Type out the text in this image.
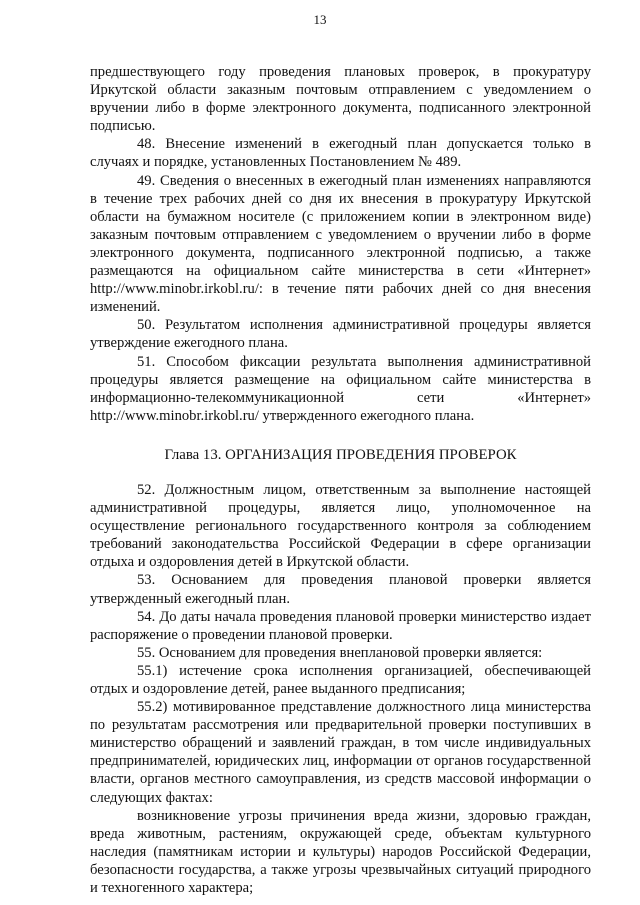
13

предшествующего году проведения плановых проверок, в прокуратуру Иркутской области заказным почтовым отправлением с уведомлением о вручении либо в форме электронного документа, подписанного электронной подписью.

48. Внесение изменений в ежегодный план допускается только в случаях и порядке, установленных Постановлением № 489.

49. Сведения о внесенных в ежегодный план изменениях направляются в течение трех рабочих дней со дня их внесения в прокуратуру Иркутской области на бумажном носителе (с приложением копии в электронном виде) заказным почтовым отправлением с уведомлением о вручении либо в форме электронного документа, подписанного электронной подписью, а также размещаются на официальном сайте министерства в сети «Интернет» http://www.minobr.irkobl.ru/: в течение пяти рабочих дней со дня внесения изменений.

50. Результатом исполнения административной процедуры является утверждение ежегодного плана.

51. Способом фиксации результата выполнения административной процедуры является размещение на официальном сайте министерства в информационно-телекоммуникационной сети «Интернет» http://www.minobr.irkobl.ru/ утвержденного ежегодного плана.

Глава 13. ОРГАНИЗАЦИЯ ПРОВЕДЕНИЯ ПРОВЕРОК

52. Должностным лицом, ответственным за выполнение настоящей административной процедуры, является лицо, уполномоченное на осуществление регионального государственного контроля за соблюдением требований законодательства Российской Федерации в сфере организации отдыха и оздоровления детей в Иркутской области.

53. Основанием для проведения плановой проверки является утвержденный ежегодный план.

54. До даты начала проведения плановой проверки министерство издает распоряжение о проведении плановой проверки.

55. Основанием для проведения внеплановой проверки является:

55.1) истечение срока исполнения организацией, обеспечивающей отдых и оздоровление детей, ранее выданного предписания;

55.2) мотивированное представление должностного лица министерства по результатам рассмотрения или предварительной проверки поступивших в министерство обращений и заявлений граждан, в том числе индивидуальных предпринимателей, юридических лиц, информации от органов государственной власти, органов местного самоуправления, из средств массовой информации о следующих фактах:

возникновение угрозы причинения вреда жизни, здоровью граждан, вреда животным, растениям, окружающей среде, объектам культурного наследия (памятникам истории и культуры) народов Российской Федерации, безопасности государства, а также угрозы чрезвычайных ситуаций природного и техногенного характера;
